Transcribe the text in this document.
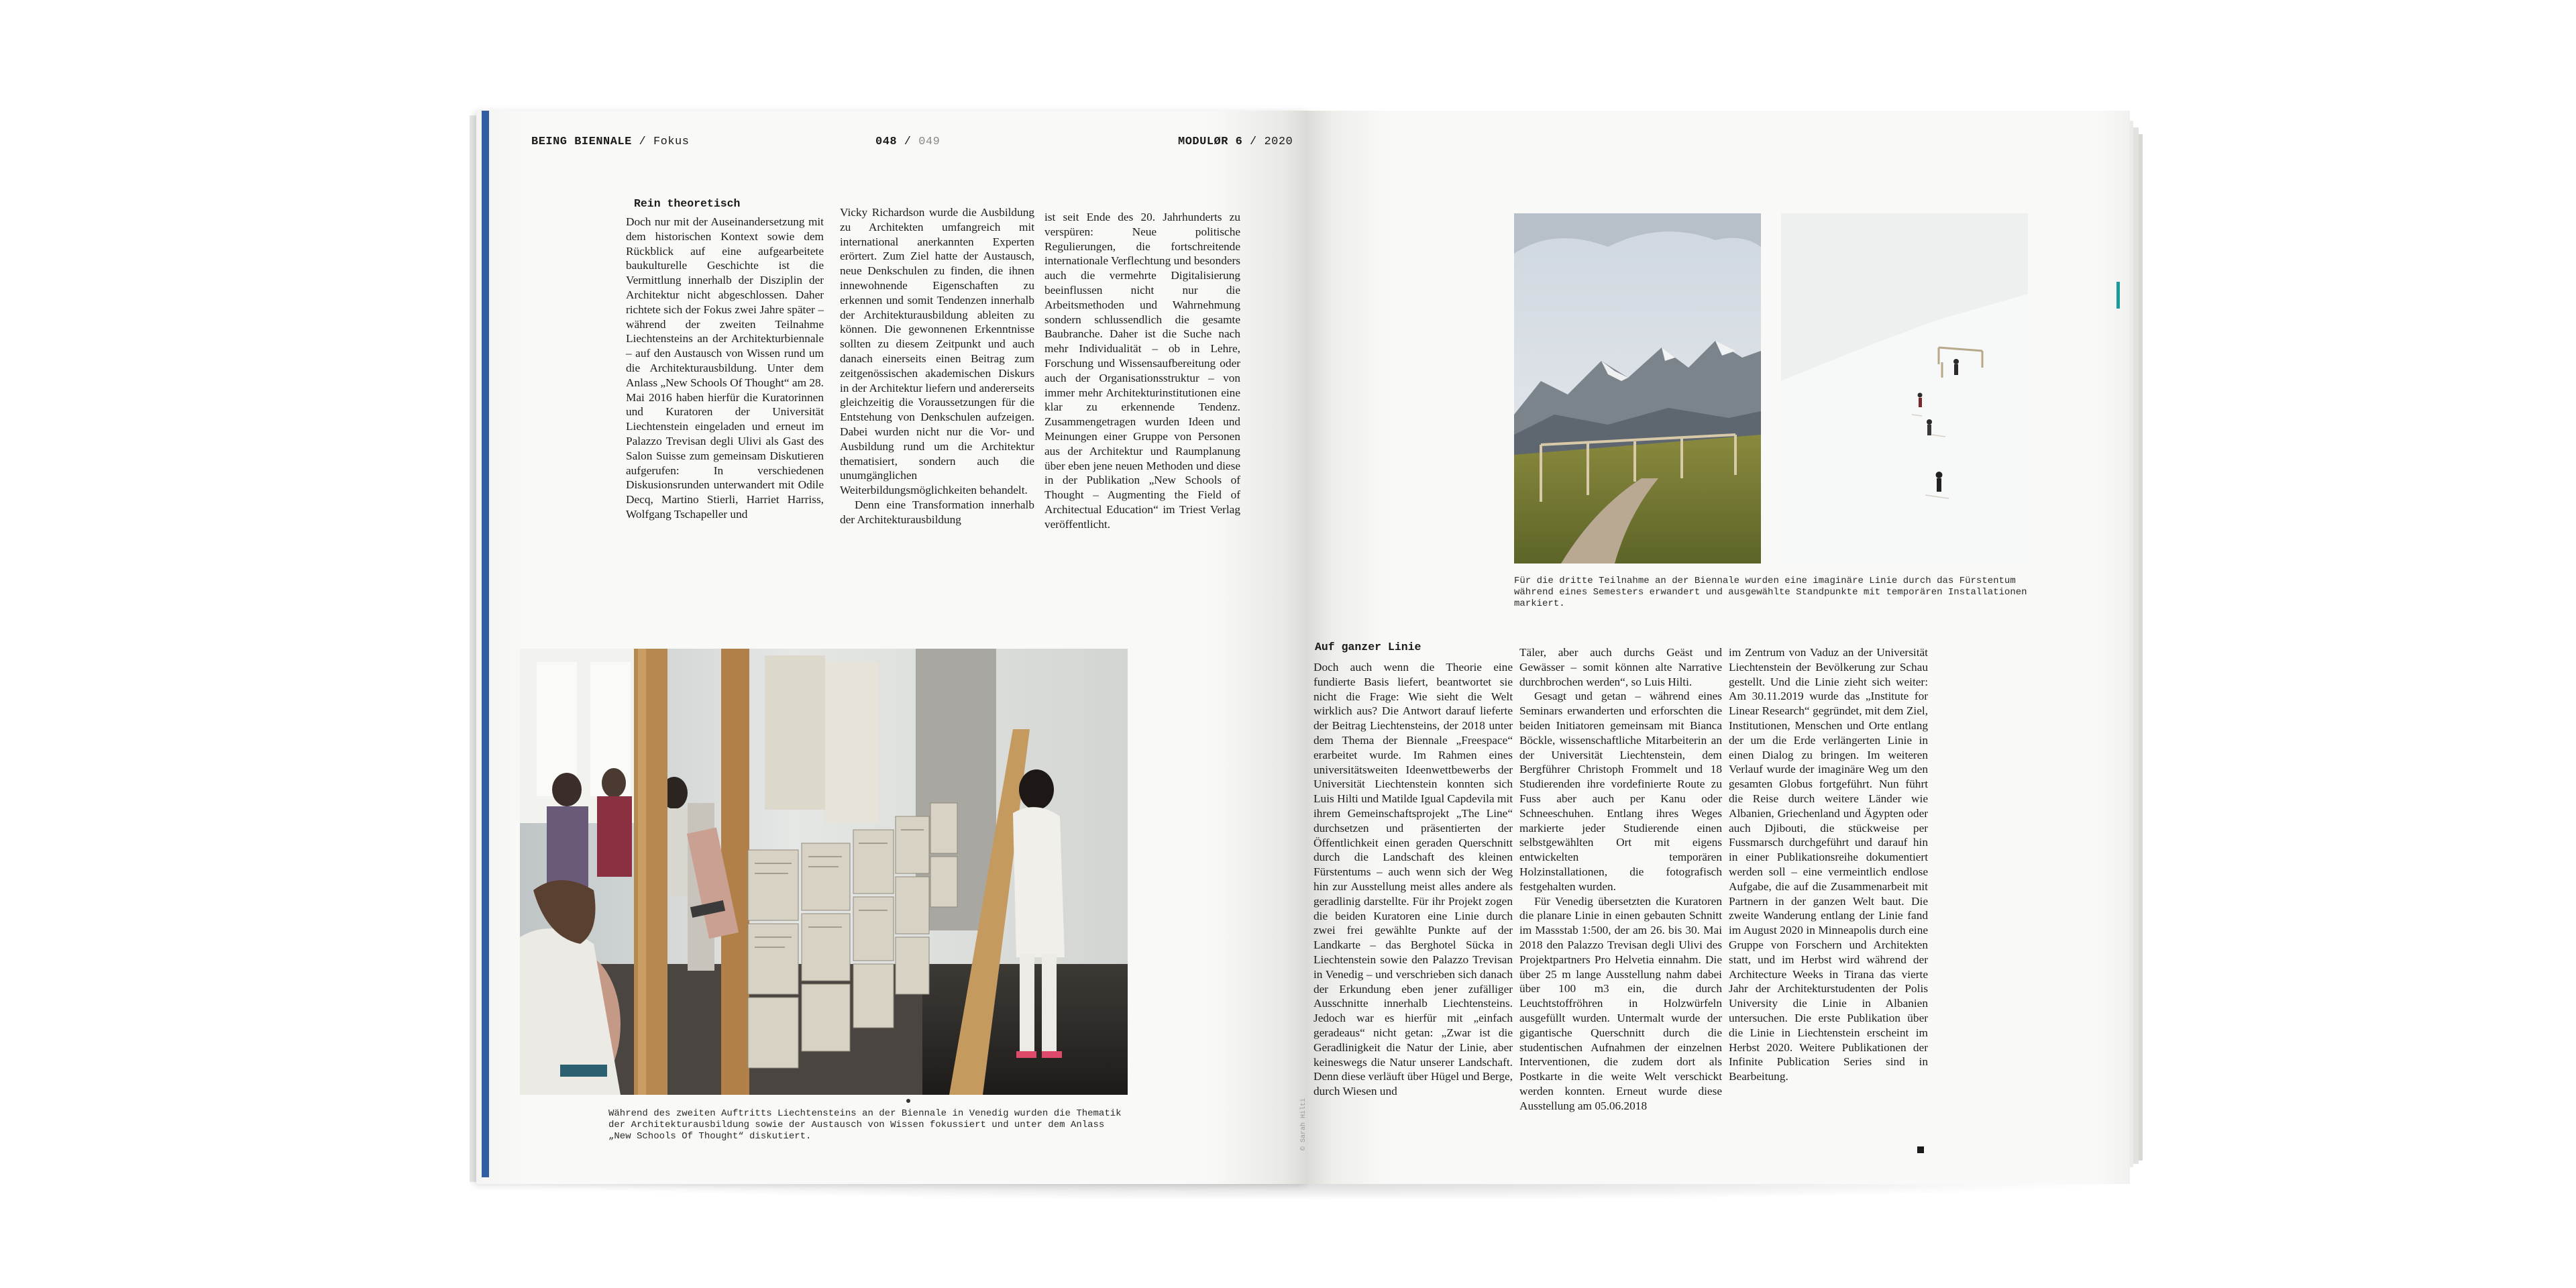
BEING BIENNALE / Fokus	048 / 049	MODULØR 6 / 2020
Rein theoretisch

Doch nur mit der Auseinandersetzung mit dem historischen Kontext sowie dem Rückblick auf eine aufgearbeitete baukulturelle Geschichte ist die Vermittlung innerhalb der Disziplin der Architektur nicht abgeschlossen. Daher richtete sich der Fokus zwei Jahre später – während der zweiten Teilnahme Liechtensteins an der Architekturbiennale – auf den Austausch von Wissen rund um die Architekturausbildung. Unter dem Anlass „New Schools Of Thought“ am 28. Mai 2016 haben hierfür die Kuratorinnen und Kuratoren der Universität Liechtenstein eingeladen und erneut im Palazzo Trevisan degli Ulivi als Gast des Salon Suisse zum gemeinsam Diskutieren aufgerufen: In verschiedenen Diskusionsrunden unterwandert mit Odile Decq, Martino Stierli, Harriet Harriss, Wolfgang Tschapeller und

Vicky Richardson wurde die Ausbildung zu Architekten umfangreich mit international anerkannten Experten erörtert. Zum Ziel hatte der Austausch, neue Denkschulen zu finden, die ihnen innewohnende Eigenschaften zu erkennen und somit Tendenzen innerhalb der Architekturausbildung ableiten zu können. Die gewonnenen Erkenntnisse sollten zu diesem Zeitpunkt und auch danach einerseits einen Beitrag zum zeitgenössischen akademischen Diskurs in der Architektur liefern und andererseits gleichzeitig die Voraussetzungen für die Entstehung von Denkschulen aufzeigen. Dabei wurden nicht nur die Vor- und Ausbildung rund um die Architektur thematisiert, sondern auch die unumgänglichen Weiterbildungsmöglichkeiten behandelt.

Denn eine Transformation innerhalb der Architekturausbildung

ist seit Ende des 20. Jahrhunderts zu verspüren: Neue politische Regulierungen, die fortschreitende internationale Verflechtung und besonders auch die vermehrte Digitalisierung beeinflussen nicht nur die Arbeitsmethoden und Wahrnehmung sondern schlussendlich die gesamte Baubranche. Daher ist die Suche nach mehr Individualität – ob in Lehre, Forschung und Wissensaufbereitung oder auch der Organisationsstruktur – von immer mehr Architekturinstitutionen eine klar zu erkennende Tendenz. Zusammengetragen wurden Ideen und Meinungen einer Gruppe von Personen aus der Architektur und Raumplanung über eben jene neuen Methoden und diese in der Publikation „New Schools of Thought – Augmenting the Field of Architectual Education“ im Triest Verlag veröffentlicht.

Während des zweiten Auftritts Liechtensteins an der Biennale in Venedig wurden die Thematik der Architekturausbildung sowie der Austausch von Wissen fokussiert und unter dem Anlass „New Schools Of Thought“ diskutiert.
Für die dritte Teilnahme an der Biennale wurden eine imaginäre Linie durch das Fürstentum während eines Semesters erwandert und ausgewählte Standpunkte mit temporären Installationen markiert.
Auf ganzer Linie

Doch auch wenn die Theorie eine fundierte Basis liefert, beantwortet sie nicht die Frage: Wie sieht die Welt wirklich aus? Die Antwort darauf lieferte der Beitrag Liechtensteins, der 2018 unter dem Thema der Biennale „Freespace“ erarbeitet wurde. Im Rahmen eines universitätsweiten Ideenwettbewerbs der Universität Liechtenstein konnten sich Luis Hilti und Matilde Igual Capdevila mit ihrem Gemeinschaftsprojekt „The Line“ durchsetzen und präsentierten der Öffentlichkeit einen geraden Querschnitt durch die Landschaft des kleinen Fürstentums – auch wenn sich der Weg hin zur Ausstellung meist alles andere als geradlinig darstellte. Für ihr Projekt zogen die beiden Kuratoren eine Linie durch zwei frei gewählte Punkte auf der Landkarte – das Berghotel Sücka in Liechtenstein sowie den Palazzo Trevisan in Venedig – und verschrieben sich danach der Erkundung eben jener zufälliger Ausschnitte innerhalb Liechtensteins. Jedoch war es hierfür mit „einfach geradeaus“ nicht getan: „Zwar ist die Geradlinigkeit die Natur der Linie, aber keineswegs die Natur unserer Landschaft. Denn diese verläuft über Hügel und Berge, durch Wiesen und

Täler, aber auch durchs Geäst und Gewässer – somit können alte Narrative durchbrochen werden“, so Luis Hilti.

Gesagt und getan – während eines Seminars erwanderten und erforschten die beiden Initiatoren gemeinsam mit Bianca Böckle, wissenschaftliche Mitarbeiterin an der Universität Liechtenstein, dem Bergführer Christoph Frommelt und 18 Studierenden ihre vordefinierte Route zu Fuss aber auch per Kanu oder Schneeschuhen. Entlang ihres Weges markierte jeder Studierende einen selbstgewählten Ort mit eigens entwickelten temporären Holzinstallationen, die fotografisch festgehalten wurden.

Für Venedig übersetzten die Kuratoren die planare Linie in einen gebauten Schnitt im Massstab 1:500, der am 26. bis 30. Mai 2018 den Palazzo Trevisan degli Ulivi des Projektpartners Pro Helvetia einnahm. Die über 25 m lange Ausstellung nahm dabei über 100 m3 ein, die durch Leuchtstoffröhren in Holzwürfeln ausgefüllt wurden. Untermalt wurde der gigantische Querschnitt durch die studentischen Aufnahmen der einzelnen Interventionen, die zudem dort als Postkarte in die weite Welt verschickt werden konnten. Erneut wurde diese Ausstellung am 05.06.2018

im Zentrum von Vaduz an der Universität Liechtenstein der Bevölkerung zur Schau gestellt. Und die Linie zieht sich weiter: Am 30.11.2019 wurde das „Institute for Linear Research“ gegründet, mit dem Ziel, Institutionen, Menschen und Orte entlang der um die Erde verlängerten Linie in einen Dialog zu bringen. Im weiteren Verlauf wurde der imaginäre Weg um den gesamten Globus fortgeführt. Nun führt die Reise durch weitere Länder wie Albanien, Griechenland und Ägypten oder auch Djibouti, die stückweise per Fussmarsch durchgeführt und darauf hin in einer Publikationsreihe dokumentiert werden soll – eine vermeintlich endlose Aufgabe, die auf die Zusammenarbeit mit Partnern in der ganzen Welt baut. Die zweite Wanderung entlang der Linie fand im August 2020 in Minneapolis durch eine Gruppe von Forschern und Architekten statt, und im Herbst wird während der Architecture Weeks in Tirana das vierte Jahr der Architekturstudenten der Polis University die Linie in Albanien untersuchen. Die erste Publikation über die Linie in Liechtenstein erscheint im Herbst 2020. Weitere Publikationen der Infinite Publication Series sind in Bearbeitung.

© Sarah Hilti
